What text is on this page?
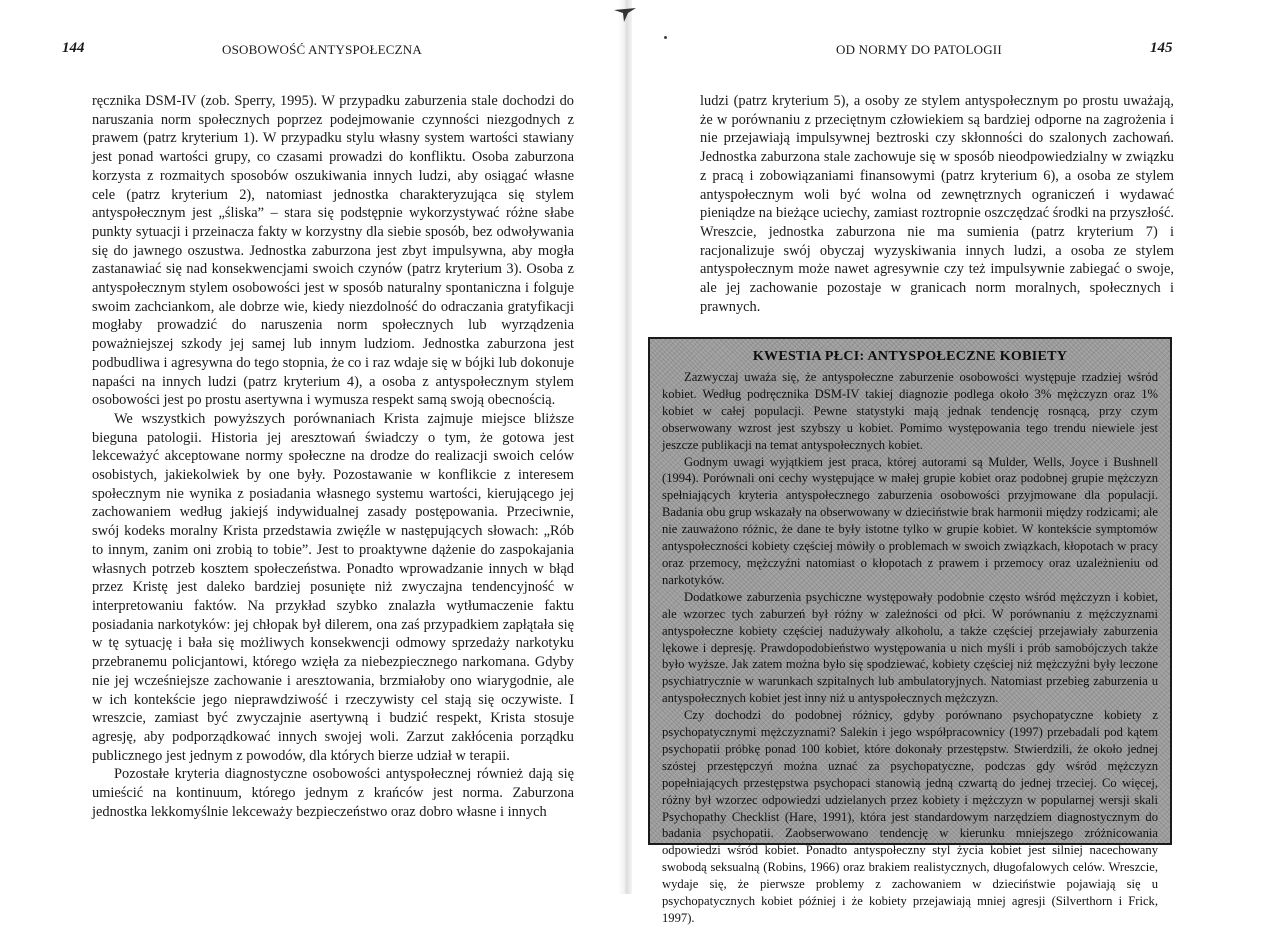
144	OSOBOWOŚĆ ANTYSPOŁECZNA

ręcznika DSM-IV (zob. Sperry, 1995). W przypadku zaburzenia stale dochodzi do naruszania norm społecznych poprzez podejmowanie czynności niezgodnych z prawem (patrz kryterium 1). W przypadku stylu własny system wartości stawiany jest ponad wartości grupy, co czasami prowadzi do konfliktu. Osoba zaburzona korzysta z rozmaitych sposobów oszukiwania innych ludzi, aby osiągać własne cele (patrz kryterium 2), natomiast jednostka charakteryzująca się stylem antyspołecznym jest „śliska” – stara się podstępnie wykorzystywać różne słabe punkty sytuacji i przeinacza fakty w korzystny dla siebie sposób, bez odwoływania się do jawnego oszustwa. Jednostka zaburzona jest zbyt impulsywna, aby mogła zastanawiać się nad konsekwencjami swoich czynów (patrz kryterium 3). Osoba z antyspołecznym stylem osobowości jest w sposób naturalny spontaniczna i folguje swoim zachciankom, ale dobrze wie, kiedy niezdolność do odraczania gratyfikacji mogłaby prowadzić do naruszenia norm społecznych lub wyrządzenia poważniejszej szkody jej samej lub innym ludziom. Jednostka zaburzona jest podbudliwa i agresywna do tego stopnia, że co i raz wdaje się w bójki lub dokonuje napaści na innych ludzi (patrz kryterium 4), a osoba z antyspołecznym stylem osobowości jest po prostu asertywna i wymusza respekt samą swoją obecnością.

We wszystkich powyższych porównaniach Krista zajmuje miejsce bliższe bieguna patologii. Historia jej aresztowań świadczy o tym, że gotowa jest lekceważyć akceptowane normy społeczne na drodze do realizacji swoich celów osobistych, jakiekolwiek by one były. Pozostawanie w konflikcie z interesem społecznym nie wynika z posiadania własnego systemu wartości, kierującego jej zachowaniem według jakiejś indywidualnej zasady postępowania. Przeciwnie, swój kodeks moralny Krista przedstawia zwięźle w następujących słowach: „Rób to innym, zanim oni zrobią to tobie”. Jest to proaktywne dążenie do zaspokajania własnych potrzeb kosztem społeczeństwa. Ponadto wprowadzanie innych w błąd przez Kristę jest daleko bardziej posunięte niż zwyczajna tendencyjność w interpretowaniu faktów. Na przykład szybko znalazła wytłumaczenie faktu posiadania narkotyków: jej chłopak był dilerem, ona zaś przypadkiem zapłątała się w tę sytuację i bała się możliwych konsekwencji odmowy sprzedaży narkotyku przebranemu policjantowi, którego wzięła za niebezpiecznego narkomana. Gdyby nie jej wcześniejsze zachowanie i aresztowania, brzmiałoby ono wiarygodnie, ale w ich kontekście jego nieprawdziwość i rzeczywisty cel stają się oczywiste. I wreszcie, zamiast być zwyczajnie asertywną i budzić respekt, Krista stosuje agresję, aby podporządkować innych swojej woli. Zarzut zakłócenia porządku publicznego jest jednym z powodów, dla których bierze udział w terapii.

Pozostałe kryteria diagnostyczne osobowości antyspołecznej również dają się umieścić na kontinuum, którego jednym z krańców jest norma. Zaburzona jednostka lekkomyślnie lekceważy bezpieczeństwo oraz dobro własne i innych

OD NORMY DO PATOLOGII	145

ludzi (patrz kryterium 5), a osoby ze stylem antyspołecznym po prostu uważają, że w porównaniu z przeciętnym człowiekiem są bardziej odporne na zagrożenia i nie przejawiają impulsywnej beztroski czy skłonności do szalonych zachowań. Jednostka zaburzona stale zachowuje się w sposób nieodpowiedzialny w związku z pracą i zobowiązaniami finansowymi (patrz kryterium 6), a osoba ze stylem antyspołecznym woli być wolna od zewnętrznych ograniczeń i wydawać pieniądze na bieżące uciechy, zamiast roztropnie oszczędzać środki na przyszłość. Wreszcie, jednostka zaburzona nie ma sumienia (patrz kryterium 7) i racjonalizuje swój obyczaj wyzyskiwania innych ludzi, a osoba ze stylem antyspołecznym może nawet agresywnie czy też impulsywnie zabiegać o swoje, ale jej zachowanie pozostaje w granicach norm moralnych, społecznych i prawnych.

KWESTIA PŁCI: ANTYSPOŁECZNE KOBIETY

Zazwyczaj uważa się, że antyspołeczne zaburzenie osobowości występuje rzadziej wśród kobiet. Według podręcznika DSM-IV takiej diagnozie podlega około 3% mężczyzn oraz 1% kobiet w całej populacji. Pewne statystyki mają jednak tendencję rosnącą, przy czym obserwowany wzrost jest szybszy u kobiet. Pomimo występowania tego trendu niewiele jest jeszcze publikacji na temat antyspołecznych kobiet.

Godnym uwagi wyjątkiem jest praca, której autorami są Mulder, Wells, Joyce i Bushnell (1994). Porównali oni cechy występujące w małej grupie kobiet oraz podobnej grupie mężczyzn spełniających kryteria antyspołecznego zaburzenia osobowości przyjmowane dla populacji. Badania obu grup wskazały na obserwowany w dzieciństwie brak harmonii między rodzicami; ale nie zauważono różnic, że dane te były istotne tylko w grupie kobiet. W kontekście symptomów antyspołeczności kobiety częściej mówiły o problemach w swoich związkach, kłopotach w pracy oraz przemocy, mężczyźni natomiast o kłopotach z prawem i przemocy oraz uzależnieniu od narkotyków.

Dodatkowe zaburzenia psychiczne występowały podobnie często wśród mężczyzn i kobiet, ale wzorzec tych zaburzeń był różny w zależności od płci. W porównaniu z mężczyznami antyspołeczne kobiety częściej nadużywały alkoholu, a także częściej przejawiały zaburzenia lękowe i depresję. Prawdopodobieństwo występowania u nich myśli i prób samobójczych także było wyższe. Jak zatem można było się spodziewać, kobiety częściej niż mężczyźni były leczone psychiatrycznie w warunkach szpitalnych lub ambulatoryjnych. Natomiast przebieg zaburzenia u antyspołecznych kobiet jest inny niż u antyspołecznych mężczyzn.

Czy dochodzi do podobnej różnicy, gdyby porównano psychopatyczne kobiety z psychopatycznymi mężczyznami? Salekin i jego współpracownicy (1997) przebadali pod kątem psychopatii próbkę ponad 100 kobiet, które dokonały przestępstw. Stwierdzili, że około jednej szóstej przestępczyń można uznać za psychopatyczne, podczas gdy wśród mężczyzn popełniających przestępstwa psychopaci stanowią jedną czwartą do jednej trzeciej. Co więcej, różny był wzorzec odpowiedzi udzielanych przez kobiety i mężczyzn w popularnej wersji skali Psychopathy Checklist (Hare, 1991), która jest standardowym narzędziem diagnostycznym do badania psychopatii. Zaobserwowano tendencję w kierunku mniejszego zróżnicowania odpowiedzi wśród kobiet. Ponadto antyspołeczny styl życia kobiet jest silniej nacechowany swobodą seksualną (Robins, 1966) oraz brakiem realistycznych, długofalowych celów. Wreszcie, wydaje się, że pierwsze problemy z zachowaniem w dzieciństwie pojawiają się u psychopatycznych kobiet później i że kobiety przejawiają mniej agresji (Silverthorn i Frick, 1997).
